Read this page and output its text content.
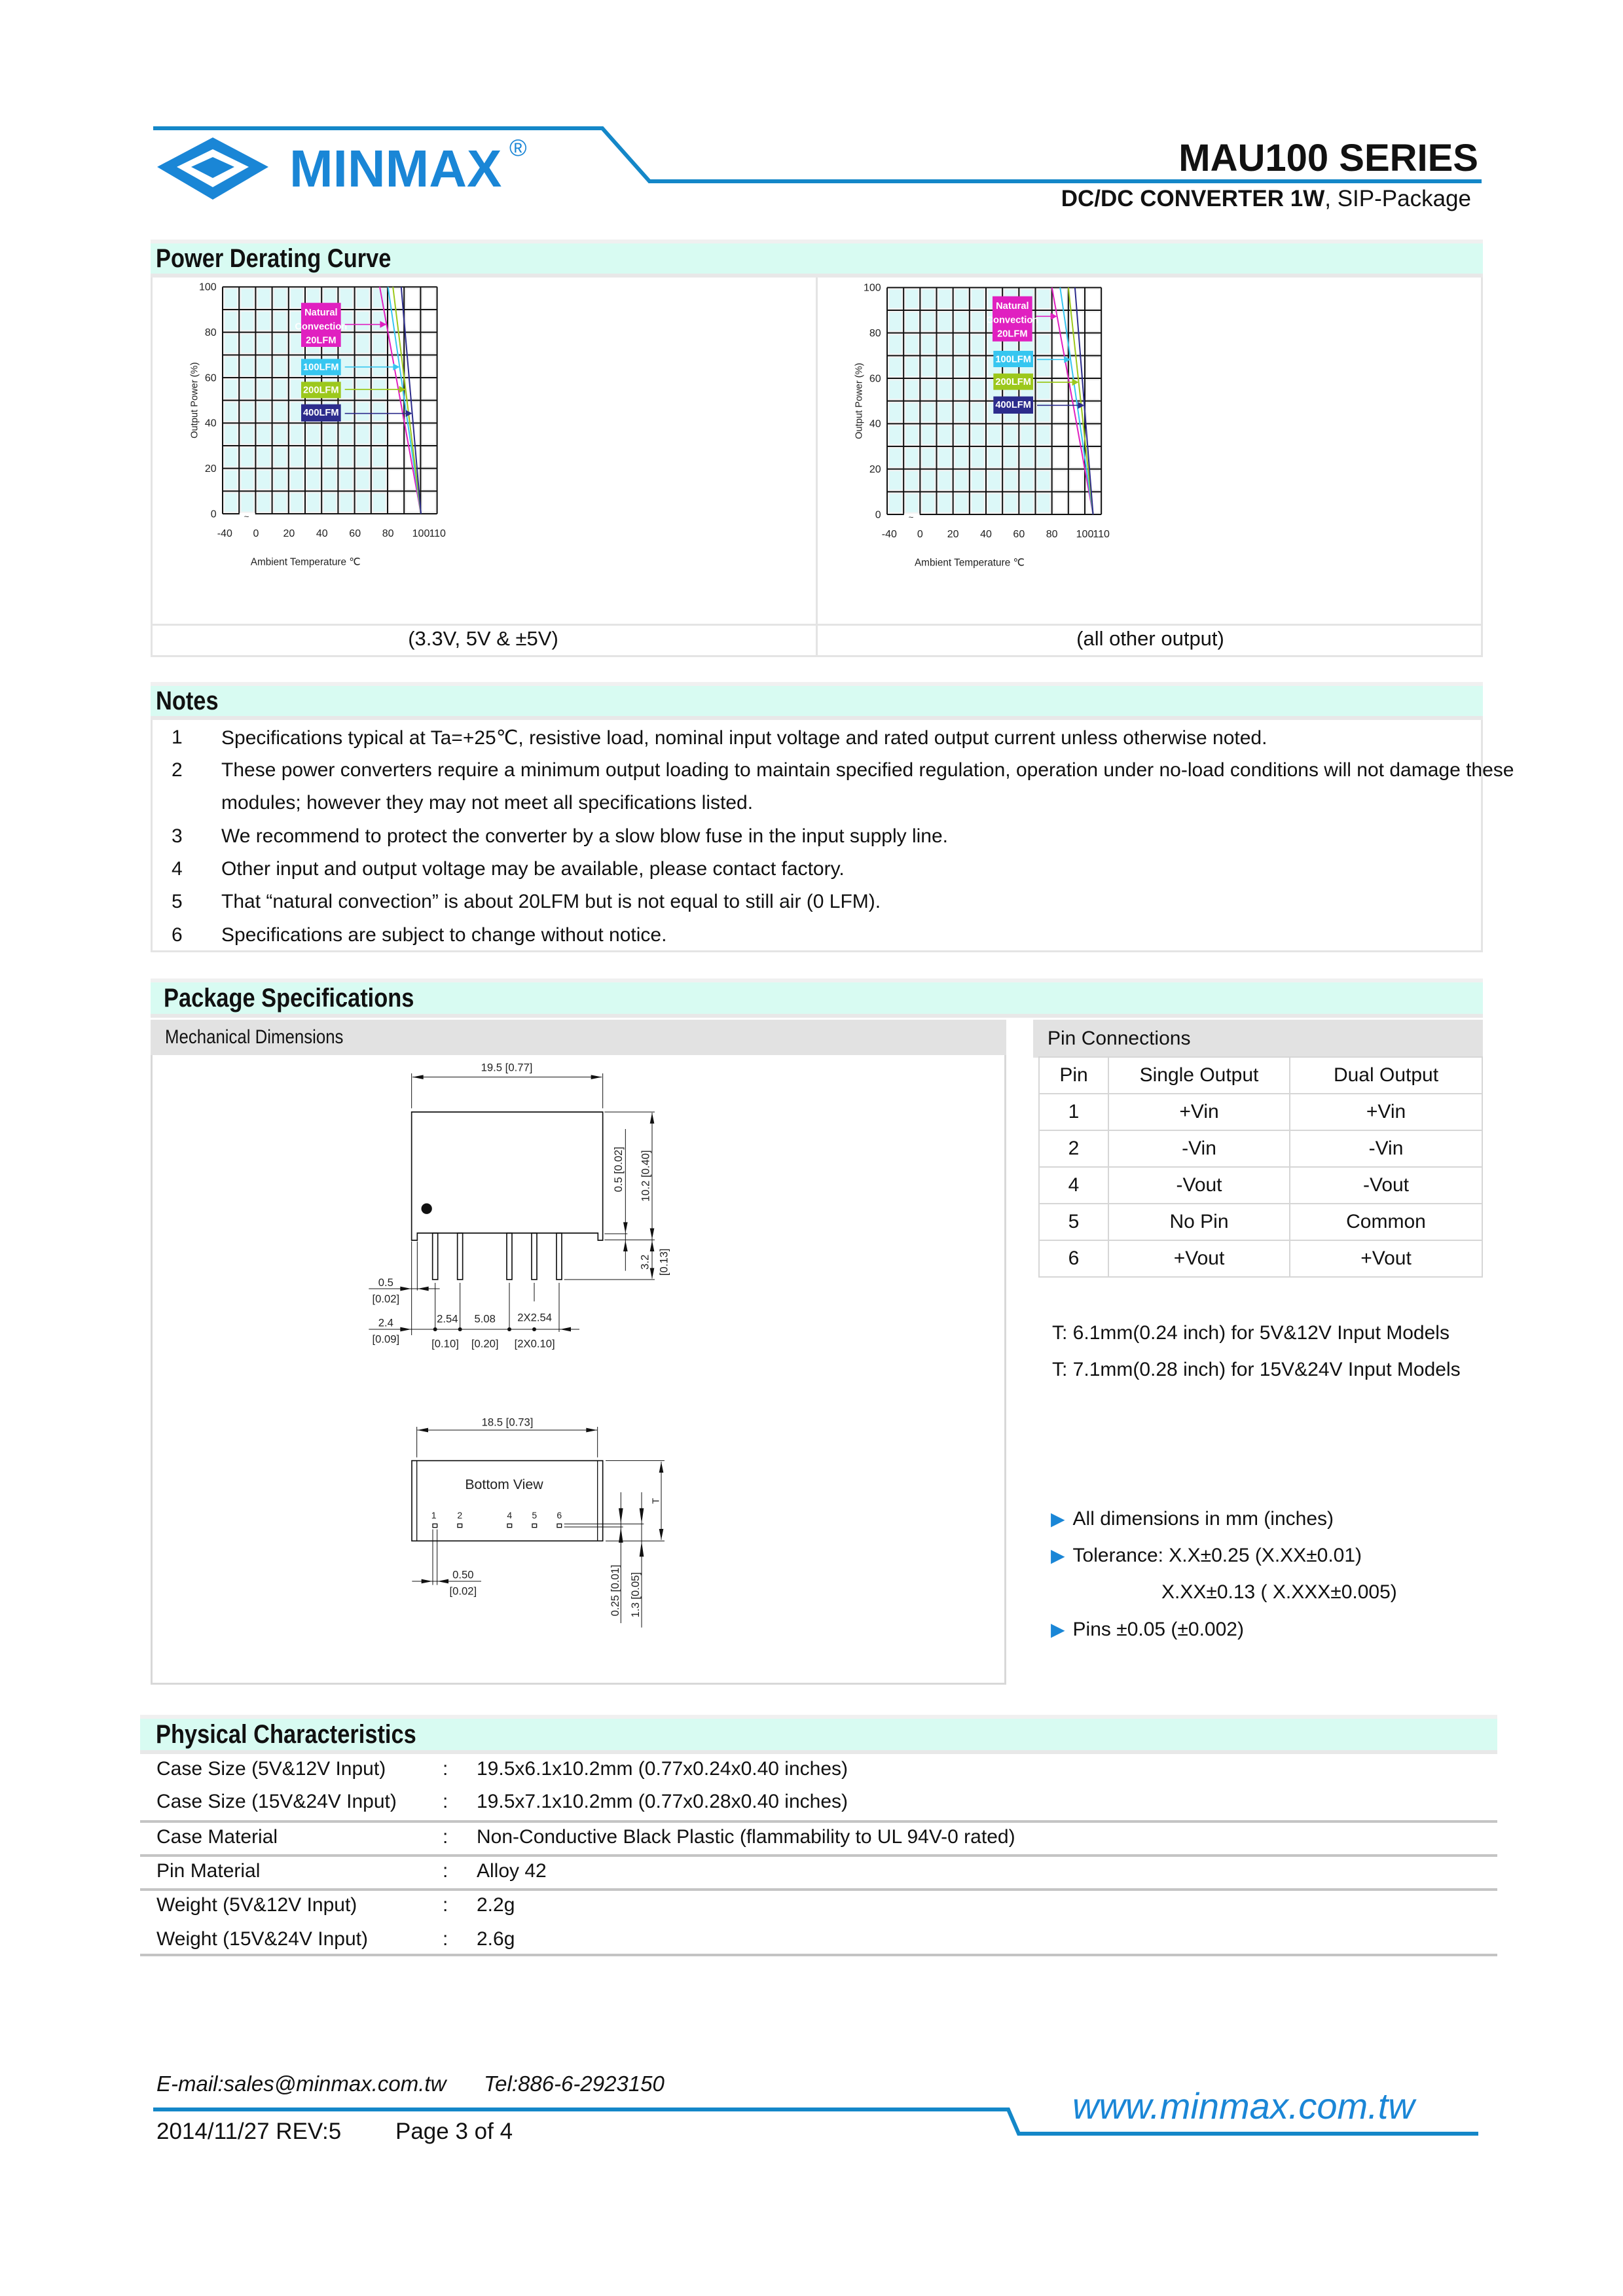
MINMAX ®	MAU100 SERIES
DC/DC CONVERTER 1W, SIP-Package
Power Derating Curve
(3.3V, 5V & ±5V)	(all other output)
~
-40 0 20 40 60 80 100 110
0
20
40
60
80
100
Ambient Temperature ℃
Output Power (%)
Natural
Convection
20LFM
100LFM
200LFM
400LFM
~
-40 0 20 40 60 80 100 110
0
20
40
60
80
100
Ambient Temperature ℃
Output Power (%)
Natural
Convection
20LFM
100LFM
200LFM
400LFM
Notes
1 Specifications typical at Ta=+25℃, resistive load, nominal input voltage and rated output current unless otherwise noted.
2 These power converters require a minimum output loading to maintain specified regulation, operation under no-load conditions will not damage these
modules; however they may not meet all specifications listed.
3 We recommend to protect the converter by a slow blow fuse in the input supply line.
4 Other input and output voltage may be available, please contact factory.
5 That “natural convection” is about 20LFM but is not equal to still air (0 LFM).
6 Specifications are subject to change without notice.
Package Specifications
Mechanical Dimensions
19.5 [0.77]
0.5 [0.02] 10.2 [0.40]
3.2 [0.13]
0.5
[0.02]
2.4
[0.09]
2.54
[0.10]
5.08
[0.20]
2X2.54
[2X0.10]
18.5 [0.73]
Bottom View
1 2 4 5 6
T
0.50
[0.02]	0.25 [0.01] 1.3 [0.05]
Pin Connections
Pin	Single Output	Dual Output
1	+Vin	+Vin
2	-Vin	-Vin
4	-Vout	-Vout
5	No Pin	Common
6	+Vout	+Vout
T: 6.1mm(0.24 inch) for 5V&12V Input Models
T: 7.1mm(0.28 inch) for 15V&24V Input Models
▶ All dimensions in mm (inches)
▶ Tolerance: X.X±0.25 (X.XX±0.01)
X.XX±0.13 ( X.XXX±0.005)
▶ Pins ±0.05 (±0.002)
Physical Characteristics
Case Size (5V&12V Input)	: 19.5x6.1x10.2mm (0.77x0.24x0.40 inches)
Case Size (15V&24V Input) : 19.5x7.1x10.2mm (0.77x0.28x0.40 inches)
Case Material	: Non-Conductive Black Plastic (flammability to UL 94V-0 rated)
Pin Material	: Alloy 42
Weight (5V&12V Input)	: 2.2g
Weight (15V&24V Input)	: 2.6g
E-mail:sales@minmax.com.tw Tel:886-6-2923150
2014/11/27 REV:5 Page 3 of 4
www.minmax.com.tw
